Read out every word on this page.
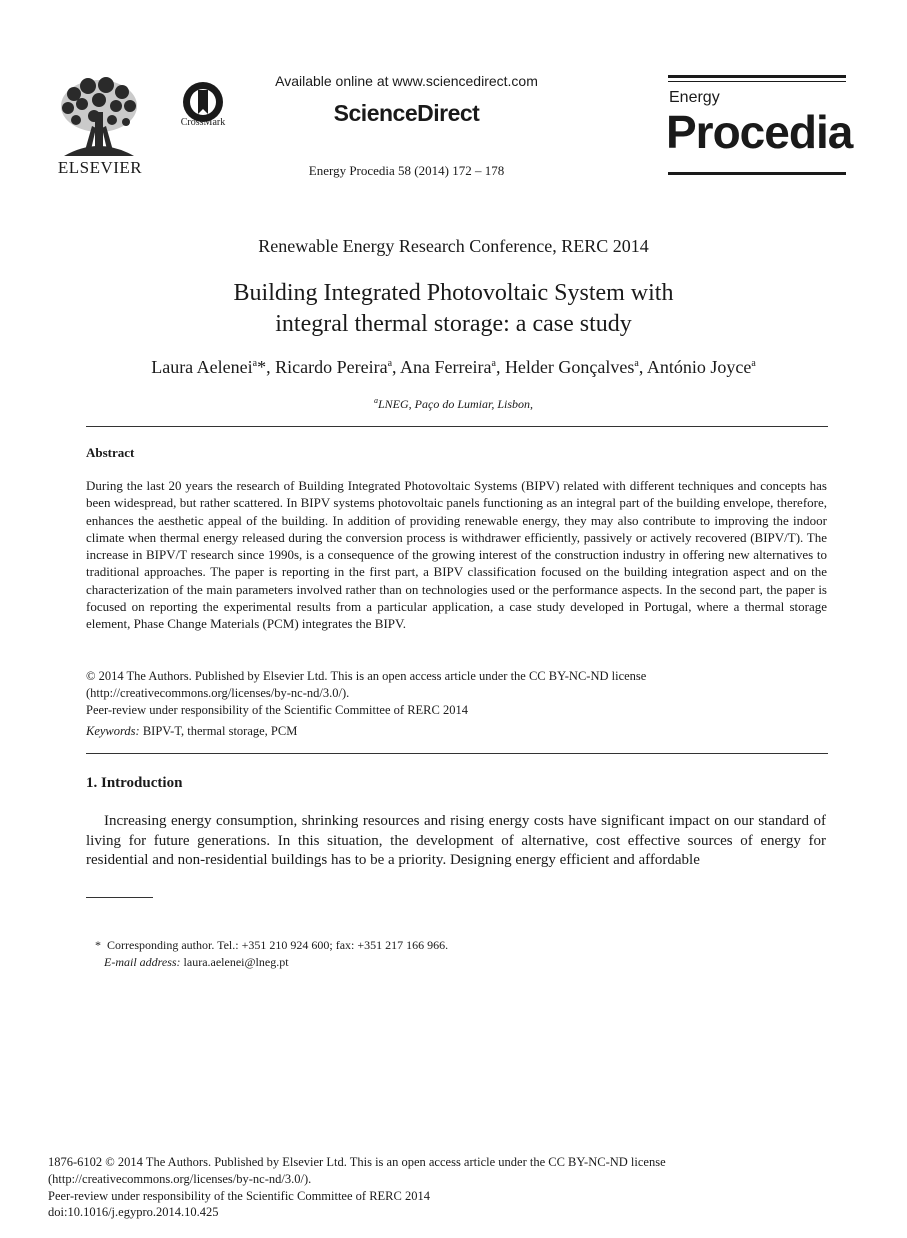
ELSEVIER
CrossMark
Available online at www.sciencedirect.com
ScienceDirect
Energy Procedia 58 (2014) 172 – 178
Energy
Procedia
Renewable Energy Research Conference, RERC 2014
Building Integrated Photovoltaic System with
integral thermal storage: a case study
Laura Aelenei$^a$*, Ricardo Pereira$^a$, Ana Ferreira$^a$, Helder Gonçalves$^a$, António Joyce$^a$
$^a$LNEG, Paço do Lumiar, Lisbon,
Abstract
During the last 20 years the research of Building Integrated Photovoltaic Systems (BIPV) related with different techniques and concepts has been widespread, but rather scattered. In BIPV systems photovoltaic panels functioning as an integral part of the building envelope, therefore, enhances the aesthetic appeal of the building. In addition of providing renewable energy, they may also contribute to improving the indoor climate when thermal energy released during the conversion process is withdrawer efficiently, passively or actively recovered (BIPV/T). The increase in BIPV/T research since 1990s, is a consequence of the growing interest of the construction industry in offering new alternatives to traditional approaches. The paper is reporting in the first part, a BIPV classification focused on the building integration aspect and on the characterization of the main parameters involved rather than on technologies used or the performance aspects. In the second part, the paper is focused on reporting the experimental results from a particular application, a case study developed in Portugal, where a thermal storage element, Phase Change Materials (PCM) integrates the BIPV.
© 2014 The Authors. Published by Elsevier Ltd. This is an open access article under the CC BY-NC-ND license
(http://creativecommons.org/licenses/by-nc-nd/3.0/).
Peer-review under responsibility of the Scientific Committee of RERC 2014
Keywords: BIPV-T, thermal storage, PCM
1. Introduction
Increasing energy consumption, shrinking resources and rising energy costs have significant impact on our standard of living for future generations. In this situation, the development of alternative, cost effective sources of energy for residential and non-residential buildings has to be a priority. Designing energy efficient and affordable
* Corresponding author. Tel.: +351 210 924 600; fax: +351 217 166 966.
E-mail address: laura.aelenei@lneg.pt
1876-6102 © 2014 The Authors. Published by Elsevier Ltd. This is an open access article under the CC BY-NC-ND license
(http://creativecommons.org/licenses/by-nc-nd/3.0/).
Peer-review under responsibility of the Scientific Committee of RERC 2014
doi:10.1016/j.egypro.2014.10.425
